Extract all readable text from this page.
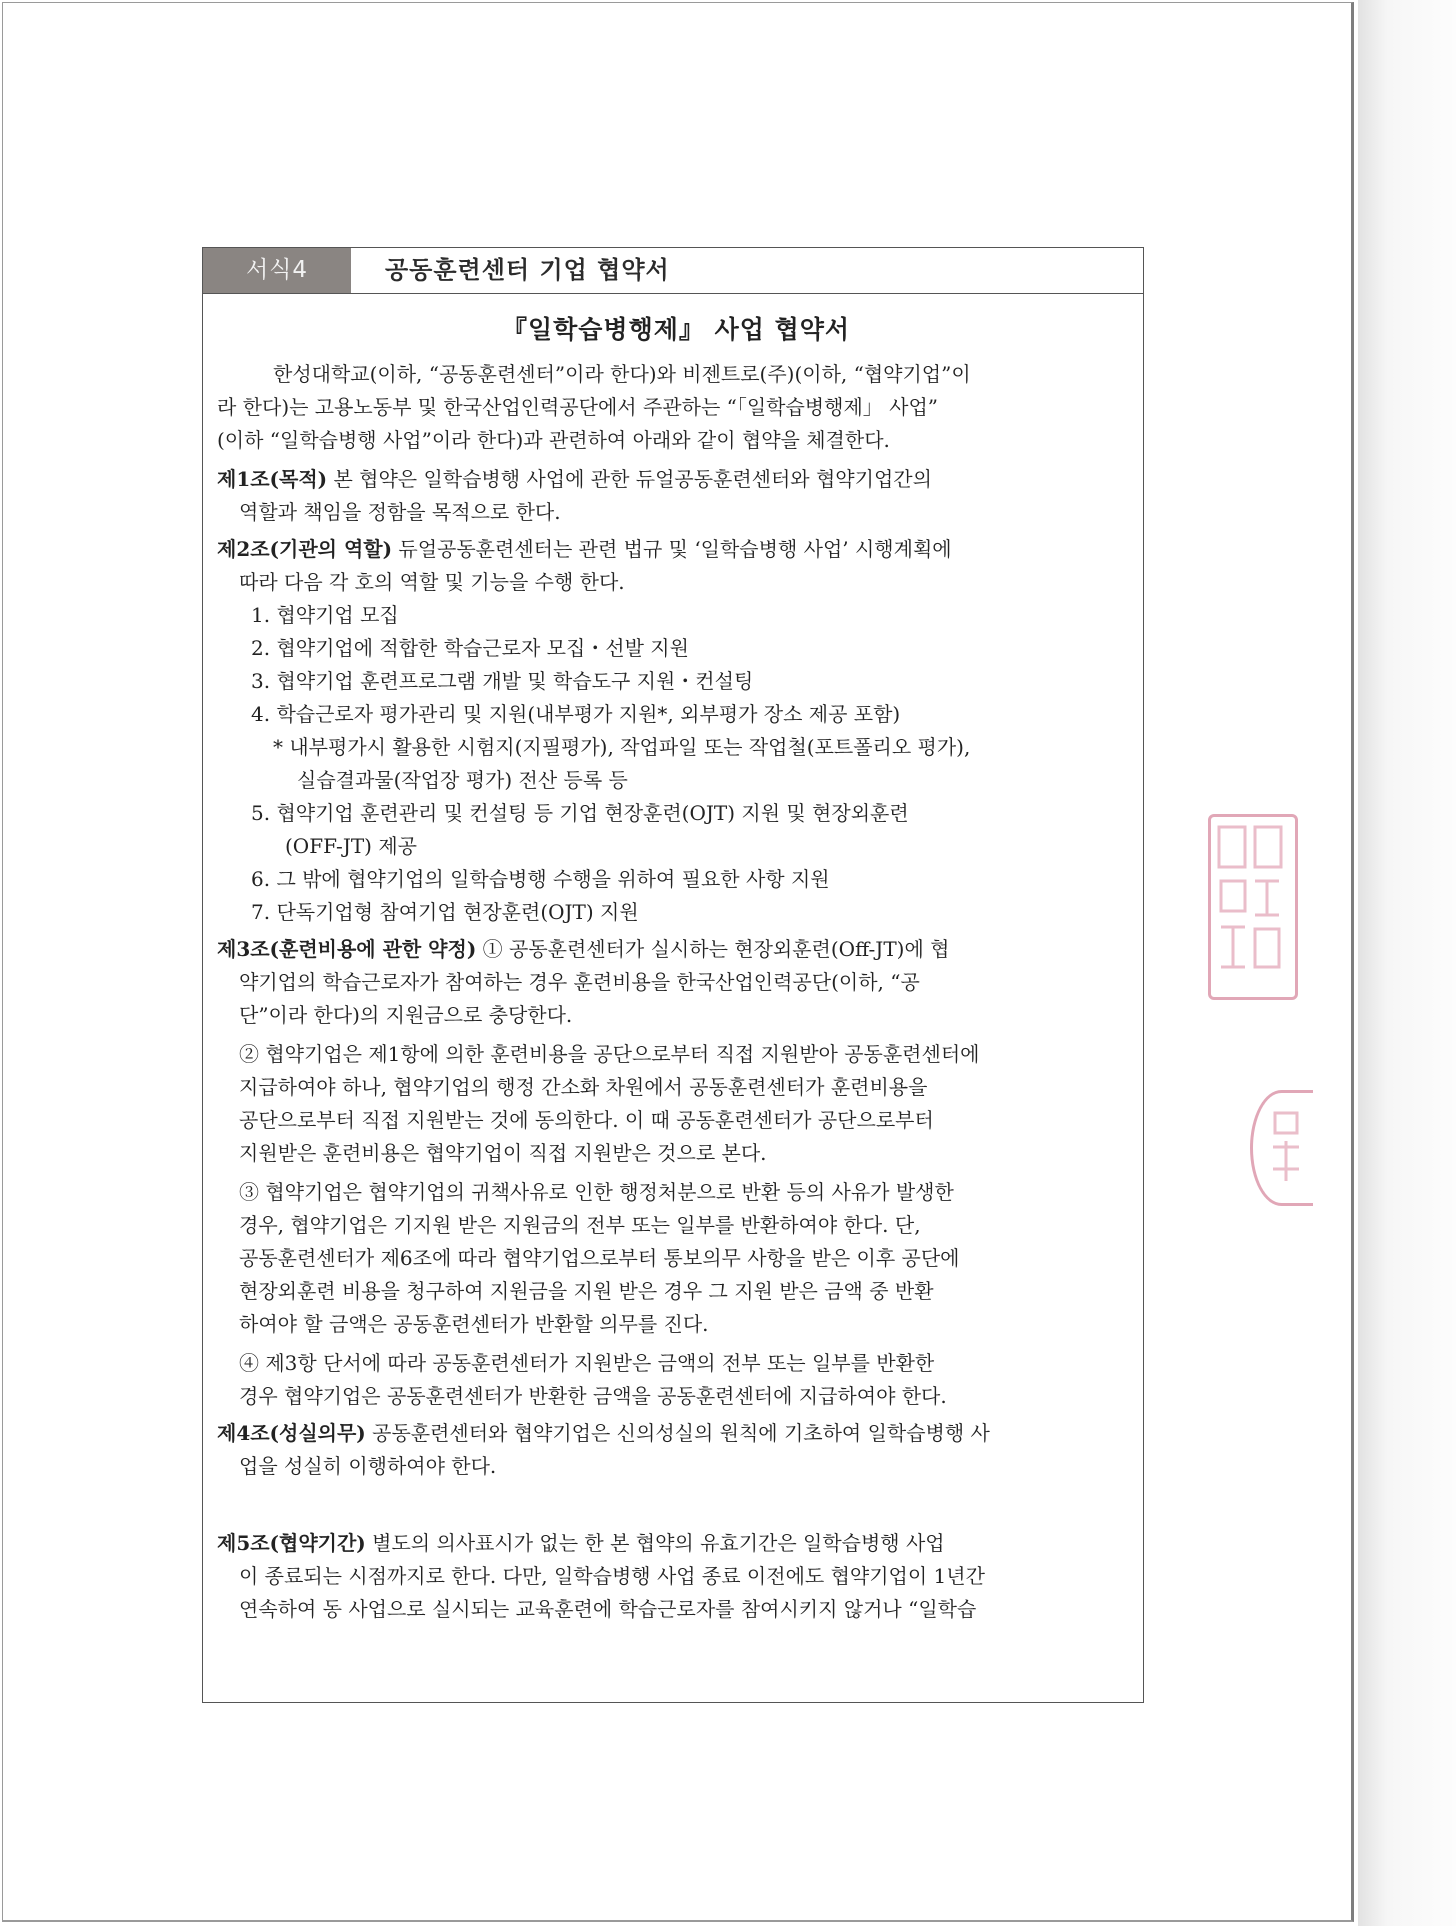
서식4	공동훈련센터 기업 협약서
『일학습병행제』 사업 협약서
한성대학교(이하, “공동훈련센터”이라 한다)와 비젠트로(주)(이하, “협약기업”이
라 한다)는 고용노동부 및 한국산업인력공단에서 주관하는 “「일학습병행제」 사업”
(이하 “일학습병행 사업”이라 한다)과 관련하여 아래와 같이 협약을 체결한다.
제1조(목적) 본 협약은 일학습병행 사업에 관한 듀얼공동훈련센터와 협약기업간의
역할과 책임을 정함을 목적으로 한다.
제2조(기관의 역할) 듀얼공동훈련센터는 관련 법규 및 ‘일학습병행 사업’ 시행계획에
따라 다음 각 호의 역할 및 기능을 수행 한다.
1. 협약기업 모집
2. 협약기업에 적합한 학습근로자 모집・선발 지원
3. 협약기업 훈련프로그램 개발 및 학습도구 지원・컨설팅
4. 학습근로자 평가관리 및 지원(내부평가 지원*, 외부평가 장소 제공 포함)
* 내부평가시 활용한 시험지(지필평가), 작업파일 또는 작업철(포트폴리오 평가),
실습결과물(작업장 평가) 전산 등록 등
5. 협약기업 훈련관리 및 컨설팅 등 기업 현장훈련(OJT) 지원 및 현장외훈련
(OFF-JT) 제공
6. 그 밖에 협약기업의 일학습병행 수행을 위하여 필요한 사항 지원
7. 단독기업형 참여기업 현장훈련(OJT) 지원
제3조(훈련비용에 관한 약정) ① 공동훈련센터가 실시하는 현장외훈련(Off-JT)에 협
약기업의 학습근로자가 참여하는 경우 훈련비용을 한국산업인력공단(이하, “공
단”이라 한다)의 지원금으로 충당한다.
② 협약기업은 제1항에 의한 훈련비용을 공단으로부터 직접 지원받아 공동훈련센터에
지급하여야 하나, 협약기업의 행정 간소화 차원에서 공동훈련센터가 훈련비용을
공단으로부터 직접 지원받는 것에 동의한다. 이 때 공동훈련센터가 공단으로부터
지원받은 훈련비용은 협약기업이 직접 지원받은 것으로 본다.
③ 협약기업은 협약기업의 귀책사유로 인한 행정처분으로 반환 등의 사유가 발생한
경우, 협약기업은 기지원 받은 지원금의 전부 또는 일부를 반환하여야 한다. 단,
공동훈련센터가 제6조에 따라 협약기업으로부터 통보의무 사항을 받은 이후 공단에
현장외훈련 비용을 청구하여 지원금을 지원 받은 경우 그 지원 받은 금액 중 반환
하여야 할 금액은 공동훈련센터가 반환할 의무를 진다.
④ 제3항 단서에 따라 공동훈련센터가 지원받은 금액의 전부 또는 일부를 반환한
경우 협약기업은 공동훈련센터가 반환한 금액을 공동훈련센터에 지급하여야 한다.
제4조(성실의무) 공동훈련센터와 협약기업은 신의성실의 원칙에 기초하여 일학습병행 사
업을 성실히 이행하여야 한다.
제5조(협약기간) 별도의 의사표시가 없는 한 본 협약의 유효기간은 일학습병행 사업
이 종료되는 시점까지로 한다. 다만, 일학습병행 사업 종료 이전에도 협약기업이 1년간
연속하여 동 사업으로 실시되는 교육훈련에 학습근로자를 참여시키지 않거나 “일학습
